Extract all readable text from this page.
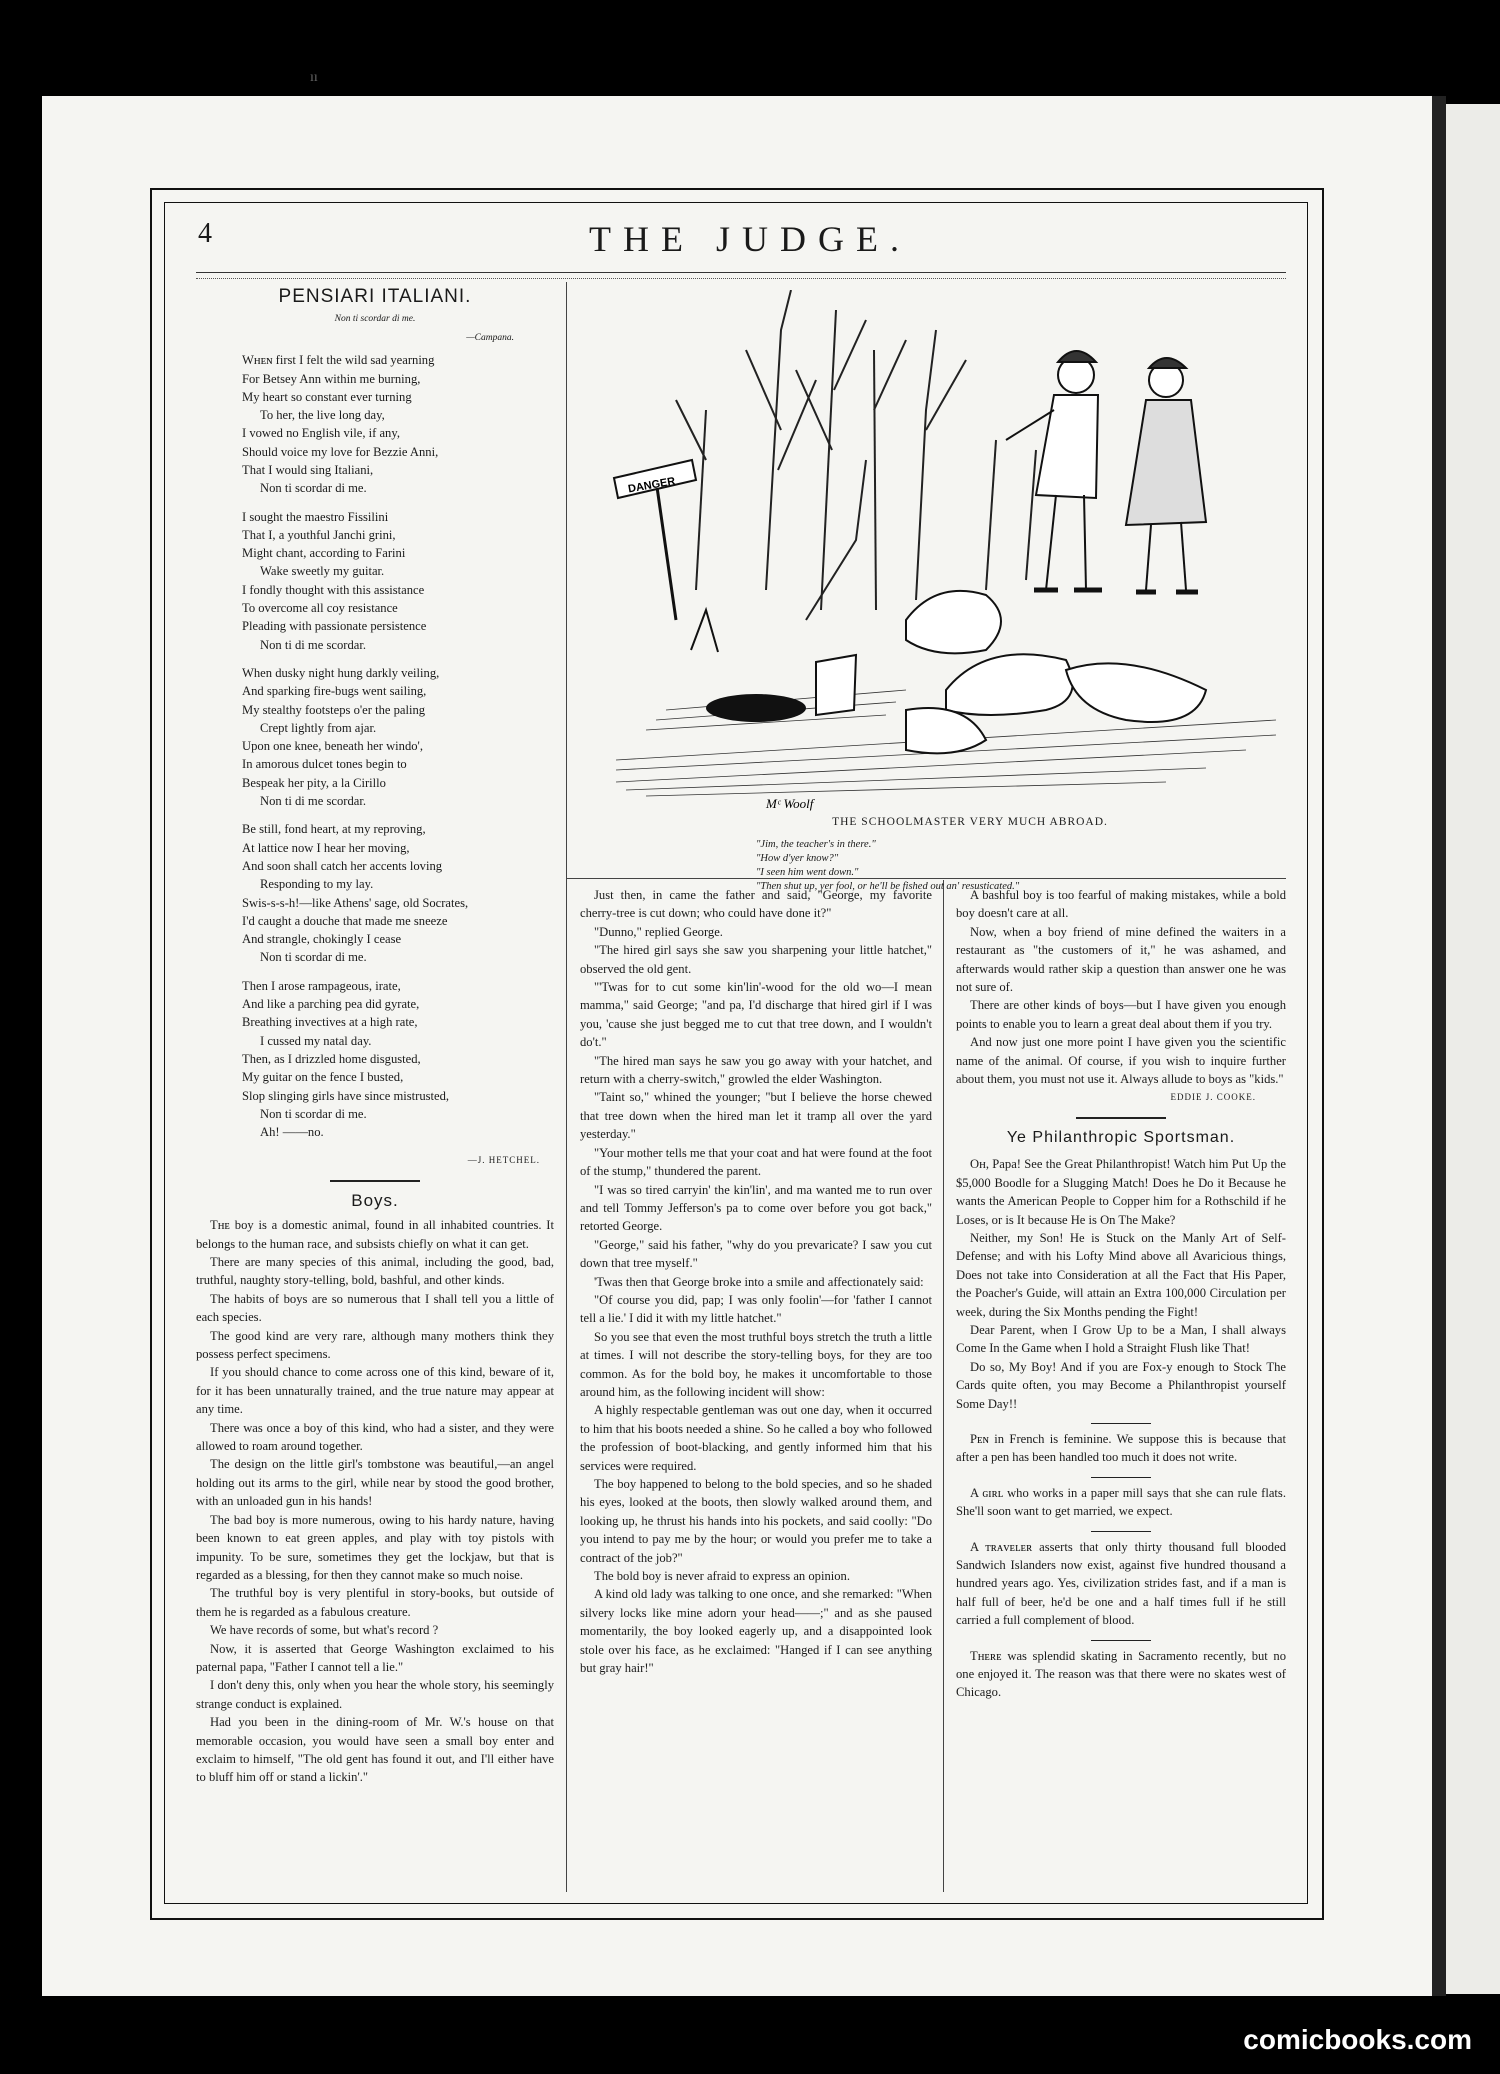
ıı
4	THE JUDGE.
PENSIARI ITALIANI.
Non ti scordar di me.
—Campana.
Wʜᴇɴ first I felt the wild sad yearning
For Betsey Ann within me burning,
My heart so constant ever turning
To her, the live long day,
I vowed no English vile, if any,
Should voice my love for Bezzie Anni,
That I would sing Italiani,
Non ti scordar di me.
I sought the maestro Fissilini
That I, a youthful Janchi grini,
Might chant, according to Farini
Wake sweetly my guitar.
I fondly thought with this assistance
To overcome all coy resistance
Pleading with passionate persistence
Non ti di me scordar.
When dusky night hung darkly veiling,
And sparking fire-bugs went sailing,
My stealthy footsteps o'er the paling
Crept lightly from ajar.
Upon one knee, beneath her windo',
In amorous dulcet tones begin to
Bespeak her pity, a la Cirillo
Non ti di me scordar.
Be still, fond heart, at my reproving,
At lattice now I hear her moving,
And soon shall catch her accents loving
Responding to my lay.
Swis-s-s-h!—like Athens' sage, old Socrates,
I'd caught a douche that made me sneeze
And strangle, chokingly I cease
Non ti scordar di me.
Then I arose rampageous, irate,
And like a parching pea did gyrate,
Breathing invectives at a high rate,
I cussed my natal day.
Then, as I drizzled home disgusted,
My guitar on the fence I busted,
Slop slinging girls have since mistrusted,
Non ti scordar di me.
Ah! ——no.
—J. HETCHEL.
Boys.

Tʜᴇ boy is a domestic animal, found in all inhabited countries. It belongs to the human race, and subsists chiefly on what it can get.

There are many species of this animal, including the good, bad, truthful, naughty story-telling, bold, bashful, and other kinds.

The habits of boys are so numerous that I shall tell you a little of each species.

The good kind are very rare, although many mothers think they possess perfect specimens.

If you should chance to come across one of this kind, beware of it, for it has been unnaturally trained, and the true nature may appear at any time.

There was once a boy of this kind, who had a sister, and they were allowed to roam around together.

The design on the little girl's tombstone was beautiful,—an angel holding out its arms to the girl, while near by stood the good brother, with an unloaded gun in his hands!

The bad boy is more numerous, owing to his hardy nature, having been known to eat green apples, and play with toy pistols with impunity. To be sure, sometimes they get the lockjaw, but that is regarded as a blessing, for then they cannot make so much noise.

The truthful boy is very plentiful in story-books, but outside of them he is regarded as a fabulous creature.

We have records of some, but what's record ?

Now, it is asserted that George Washington exclaimed to his paternal papa, "Father I cannot tell a lie."

I don't deny this, only when you hear the whole story, his seemingly strange conduct is explained.

Had you been in the dining-room of Mr. W.'s house on that memorable occasion, you would have seen a small boy enter and exclaim to himself, "The old gent has found it out, and I'll either have to bluff him off or stand a lickin'."

DANGER
Mᶜ Woolf
THE SCHOOLMASTER VERY MUCH ABROAD.
"Jim, the teacher's in there."
"How d'yer know?"
"I seen him went down."
"Then shut up, yer fool, or he'll be fished out an' resusticated."

Just then, in came the father and said, "George, my favorite cherry-tree is cut down; who could have done it?"

"Dunno," replied George.

"The hired girl says she saw you sharpening your little hatchet," observed the old gent.

"'Twas for to cut some kin'lin'-wood for the old wo—I mean mamma," said George; "and pa, I'd discharge that hired girl if I was you, 'cause she just begged me to cut that tree down, and I wouldn't do't."

"The hired man says he saw you go away with your hatchet, and return with a cherry-switch," growled the elder Washington.

"Taint so," whined the younger; "but I believe the horse chewed that tree down when the hired man let it tramp all over the yard yesterday."

"Your mother tells me that your coat and hat were found at the foot of the stump," thundered the parent.

"I was so tired carryin' the kin'lin', and ma wanted me to run over and tell Tommy Jefferson's pa to come over before you got back," retorted George.

"George," said his father, "why do you prevaricate? I saw you cut down that tree myself."

'Twas then that George broke into a smile and affectionately said:

"Of course you did, pap; I was only foolin'—for 'father I cannot tell a lie.' I did it with my little hatchet."

So you see that even the most truthful boys stretch the truth a little at times. I will not describe the story-telling boys, for they are too common. As for the bold boy, he makes it uncomfortable to those around him, as the following incident will show:

A highly respectable gentleman was out one day, when it occurred to him that his boots needed a shine. So he called a boy who followed the profession of boot-blacking, and gently informed him that his services were required.

The boy happened to belong to the bold species, and so he shaded his eyes, looked at the boots, then slowly walked around them, and looking up, he thrust his hands into his pockets, and said coolly: "Do you intend to pay me by the hour; or would you prefer me to take a contract of the job?"

The bold boy is never afraid to express an opinion.

A kind old lady was talking to one once, and she remarked: "When silvery locks like mine adorn your head——;" and as she paused momentarily, the boy looked eagerly up, and a disappointed look stole over his face, as he exclaimed: "Hanged if I can see anything but gray hair!"

A bashful boy is too fearful of making mistakes, while a bold boy doesn't care at all.

Now, when a boy friend of mine defined the waiters in a restaurant as "the customers of it," he was ashamed, and afterwards would rather skip a question than answer one he was not sure of.

There are other kinds of boys—but I have given you enough points to enable you to learn a great deal about them if you try.

And now just one more point I have given you the scientific name of the animal. Of course, if you wish to inquire further about them, you must not use it. Always allude to boys as "kids."

EDDIE J. COOKE.
Ye Philanthropic Sportsman.

Oʜ, Papa! See the Great Philanthropist! Watch him Put Up the $5,000 Boodle for a Slugging Match! Does he Do it Because he wants the American People to Copper him for a Rothschild if he Loses, or is It because He is On The Make?

Neither, my Son! He is Stuck on the Manly Art of Self-Defense; and with his Lofty Mind above all Avaricious things, Does not take into Consideration at all the Fact that His Paper, the Poacher's Guide, will attain an Extra 100,000 Circulation per week, during the Six Months pending the Fight!

Dear Parent, when I Grow Up to be a Man, I shall always Come In the Game when I hold a Straight Flush like That!

Do so, My Boy! And if you are Fox-y enough to Stock The Cards quite often, you may Become a Philanthropist yourself Some Day!!

Pᴇɴ in French is feminine. We suppose this is because that after a pen has been handled too much it does not write.

A ɢɪʀʟ who works in a paper mill says that she can rule flats. She'll soon want to get married, we expect.

A ᴛʀᴀᴠᴇʟᴇʀ asserts that only thirty thousand full blooded Sandwich Islanders now exist, against five hundred thousand a hundred years ago. Yes, civilization strides fast, and if a man is half full of beer, he'd be one and a half times full if he still carried a full complement of blood.

Tʜᴇʀᴇ was splendid skating in Sacramento recently, but no one enjoyed it. The reason was that there were no skates west of Chicago.

comicbooks.com
